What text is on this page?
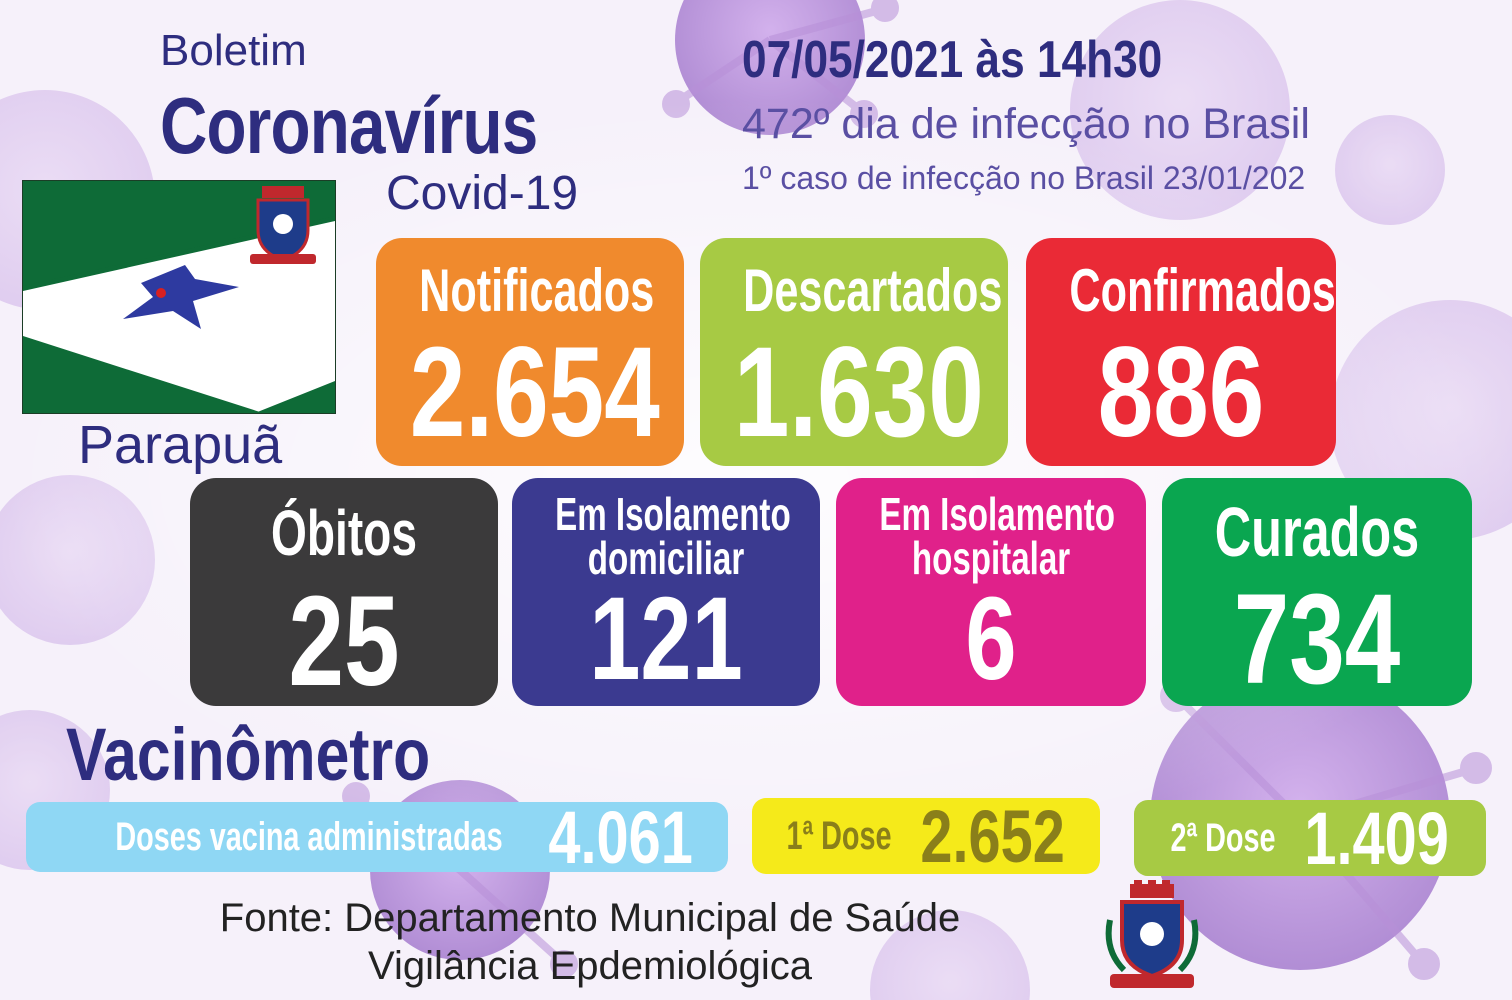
Boletim
Coronavírus
Covid-19
Parapuã
07/05/2021 às 14h30
472º dia de infecção no Brasil
1º caso de infecção no Brasil 23/01/202
Notificados
2.654
Descartados
1.630
Confirmados
886
Óbitos
25
Em Isolamento
domiciliar
121
Em Isolamento
hospitalar
6
Curados
734
Vacinômetro
Doses vacina administradas 4.061 1ª Dose 2.652	2ª Dose 1.409
Fonte: Departamento Municipal de Saúde
Vigilância Epdemiológica
